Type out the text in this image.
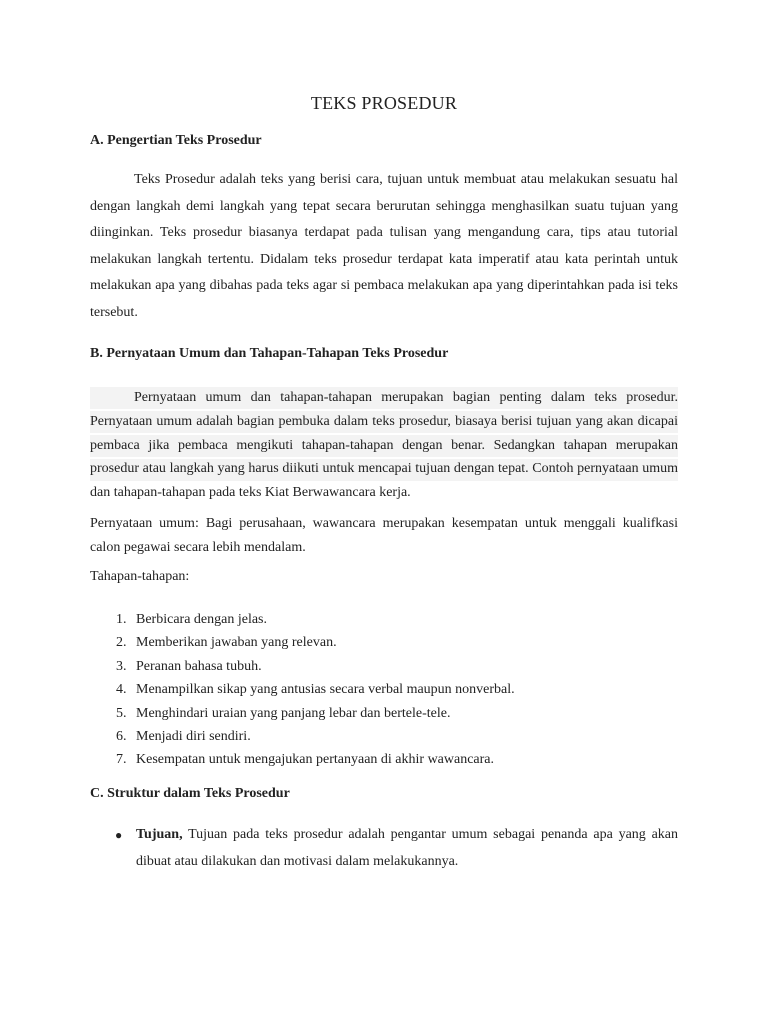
TEKS PROSEDUR
A. Pengertian Teks Prosedur

Teks Prosedur adalah teks yang berisi cara, tujuan untuk membuat atau melakukan sesuatu hal dengan langkah demi langkah yang tepat secara berurutan sehingga menghasilkan suatu tujuan yang diinginkan. Teks prosedur biasanya terdapat pada tulisan yang mengandung cara, tips atau tutorial melakukan langkah tertentu. Didalam teks prosedur terdapat kata imperatif atau kata perintah untuk melakukan apa yang dibahas pada teks agar si pembaca melakukan apa yang diperintahkan pada isi teks tersebut.

B. Pernyataan Umum dan Tahapan-Tahapan Teks Prosedur

Pernyataan umum dan tahapan-tahapan merupakan bagian penting dalam teks prosedur. Pernyataan umum adalah bagian pembuka dalam teks prosedur, biasaya berisi tujuan yang akan dicapai pembaca jika pembaca mengikuti tahapan-tahapan dengan benar. Sedangkan tahapan merupakan prosedur atau langkah yang harus diikuti untuk mencapai tujuan dengan tepat. Contoh pernyataan umum dan tahapan-tahapan pada teks Kiat Berwawancara kerja.

Pernyataan umum: Bagi perusahaan, wawancara merupakan kesempatan untuk menggali kualifkasi calon pegawai secara lebih mendalam.

Tahapan-tahapan:

1. Berbicara dengan jelas.
2. Memberikan jawaban yang relevan.
3. Peranan bahasa tubuh.
4. Menampilkan sikap yang antusias secara verbal maupun nonverbal.
5. Menghindari uraian yang panjang lebar dan bertele-tele.
6. Menjadi diri sendiri.
7. Kesempatan untuk mengajukan pertanyaan di akhir wawancara.
C. Struktur dalam Teks Prosedur
● Tujuan, Tujuan pada teks prosedur adalah pengantar umum sebagai penanda apa yang akan dibuat atau dilakukan dan motivasi dalam melakukannya.
